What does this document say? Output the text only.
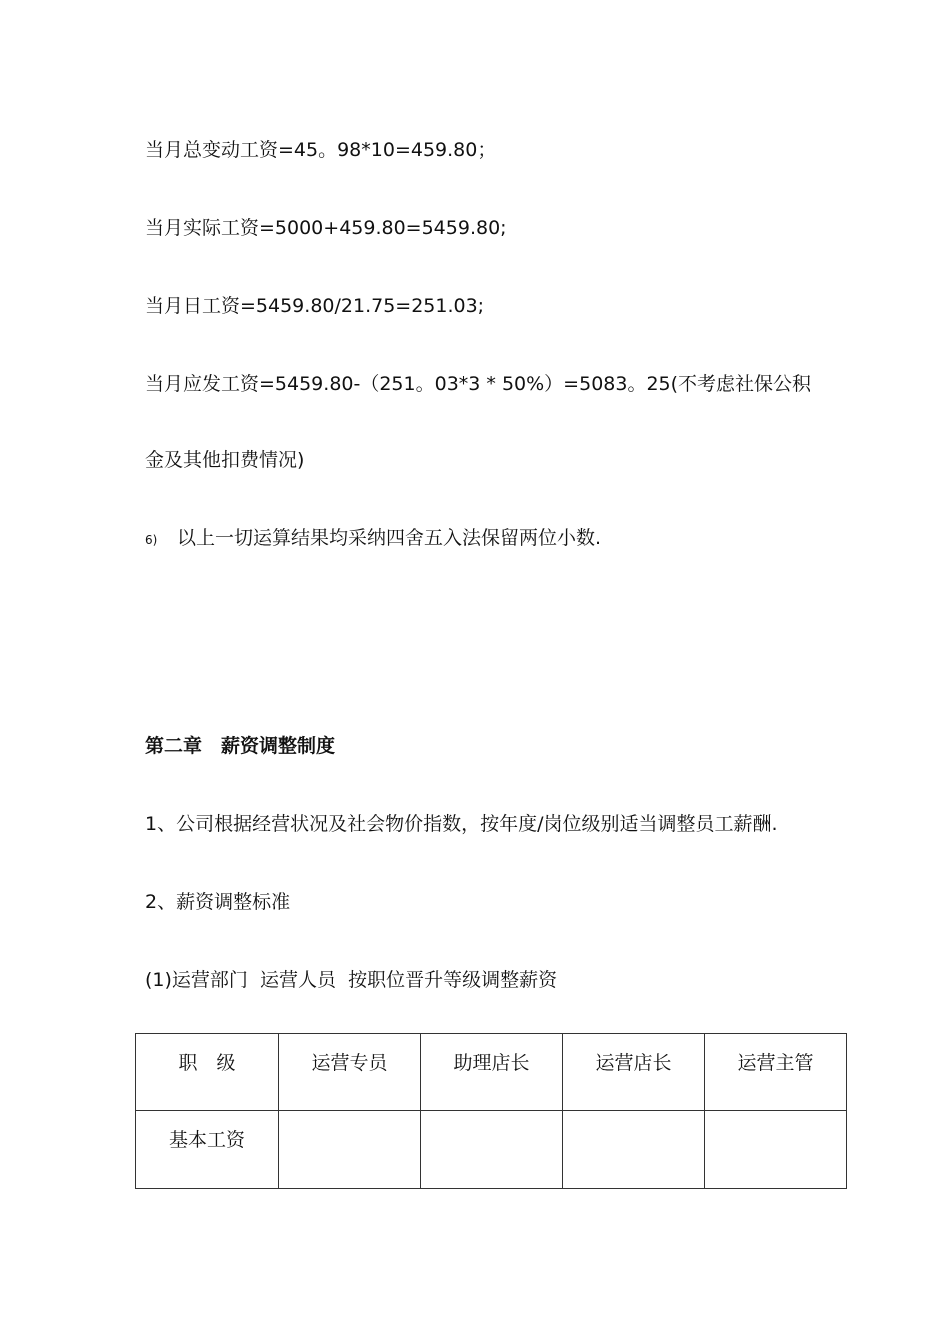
当月总变动工资=45。98*10=459.80；
当月实际工资=5000+459.80=5459.80;
当月日工资=5459.80/21.75=251.03;
当月应发工资=5459.80-（251。03*3 * 50%）=5083。25(不考虑社保公积
金及其他扣费情况)
6) 以上一切运算结果均采纳四舍五入法保留两位小数.
第二章　薪资调整制度
1、公司根据经营状况及社会物价指数，按年度/岗位级别适当调整员工薪酬.
2、薪资调整标准
(1)运营部门  运营人员  按职位晋升等级调整薪资
职　级	运营专员	助理店长	运营店长	运营主管
基本工资				
